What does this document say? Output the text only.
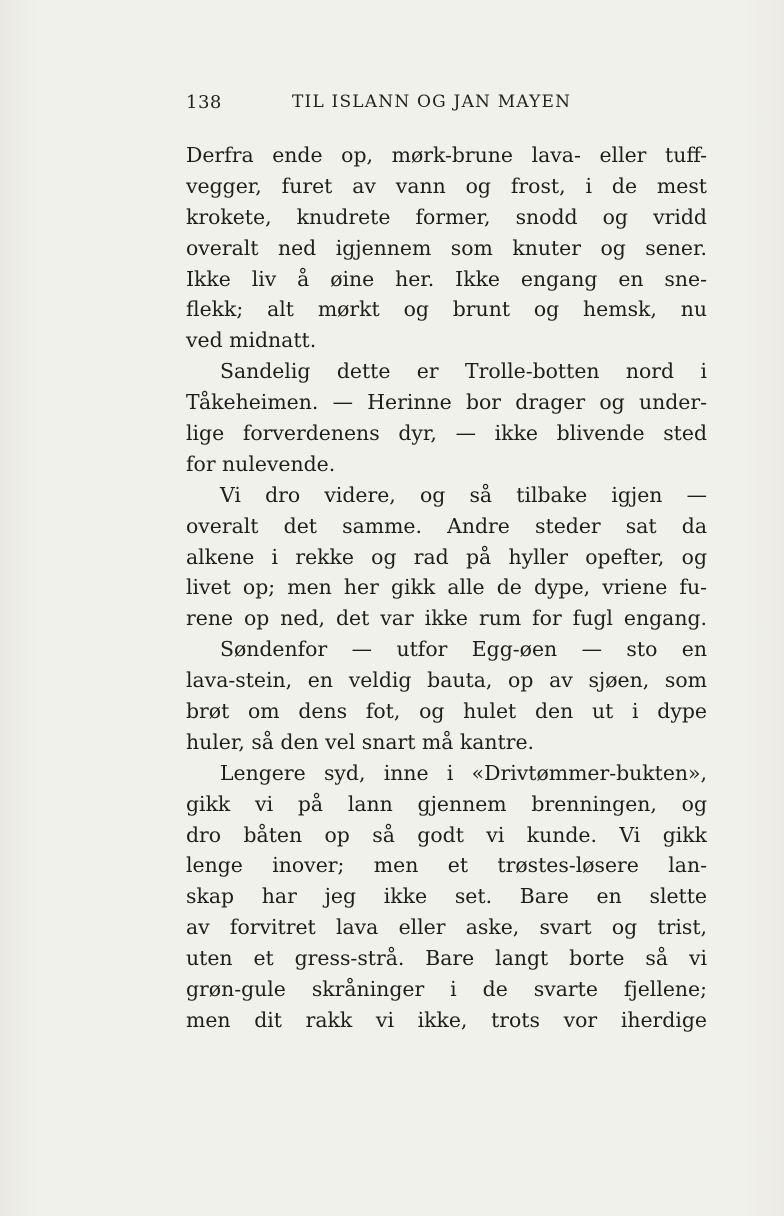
138	TIL ISLANN OG JAN MAYEN
Derfra ende op, mørk-brune lava- eller tuff-
vegger, furet av vann og frost, i de mest
krokete, knudrete former, snodd og vridd
overalt ned igjennem som knuter og sener.
Ikke liv å øine her. Ikke engang en sne-
flekk; alt mørkt og brunt og hemsk, nu
ved midnatt.
Sandelig dette er Trolle-botten nord i
Tåkeheimen. — Herinne bor drager og under-
lige forverdenens dyr, — ikke blivende sted
for nulevende.
Vi dro videre, og så tilbake igjen —
overalt det samme. Andre steder sat da
alkene i rekke og rad på hyller opefter, og
livet op; men her gikk alle de dype, vriene fu-
rene op ned, det var ikke rum for fugl engang.
Søndenfor — utfor Egg-øen — sto en
lava-stein, en veldig bauta, op av sjøen, som
brøt om dens fot, og hulet den ut i dype
huler, så den vel snart må kantre.
Lengere syd, inne i «Drivtømmer-bukten»,
gikk vi på lann gjennem brenningen, og
dro båten op så godt vi kunde. Vi gikk
lenge inover; men et trøstes-løsere lan-
skap har jeg ikke set. Bare en slette
av forvitret lava eller aske, svart og trist,
uten et gress-strå. Bare langt borte så vi
grøn-gule skråninger i de svarte fjellene;
men dit rakk vi ikke, trots vor iherdige
